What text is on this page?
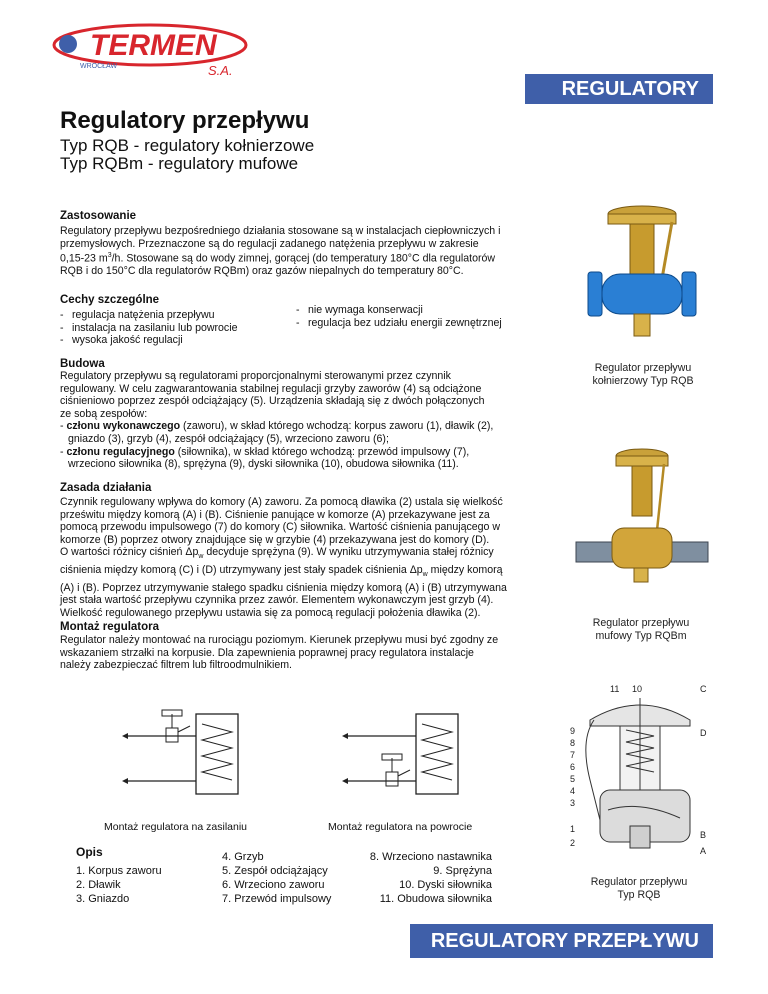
TERMEN
WROCŁAW	S.A.
REGULATORY
Regulatory przepływu
Typ RQB - regulatory kołnierzowe
Typ RQBm - regulatory mufowe
Zastosowanie
Regulatory przepływu bezpośredniego działania stosowane są w instalacjach ciepłowniczych i
przemysłowych. Przeznaczone są do regulacji zadanego natężenia przepływu w zakresie
0,15-23 $m^3/h$. Stosowane są do wody zimnej, gorącej (do temperatury 180°C dla regulatorów
RQB i do 150°C dla regulatorów RQBm) oraz gazów niepalnych do temperatury 80°C.
Cechy szczególne
- regulacja natężenia przepływu
- instalacja na zasilaniu lub powrocie
- wysoka jakość regulacji
- nie wymaga konserwacji
- regulacja bez udziału energii zewnętrznej
Budowa
Regulatory przepływu są regulatorami proporcjonalnymi sterowanymi przez czynnik
regulowany. W celu zagwarantowania stabilnej regulacji grzyby zaworów (4) są odciążone
ciśnieniowo poprzez zespół odciążający (5). Urządzenia składają się z dwóch połączonych
ze sobą zespołów:
- członu wykonawczego (zaworu), w skład którego wchodzą: korpus zaworu (1), dławik (2),
gniazdo (3), grzyb (4), zespół odciążający (5), wrzeciono zaworu (6);
- członu regulacyjnego (siłownika), w skład którego wchodzą: przewód impulsowy (7),
wrzeciono siłownika (8), sprężyna (9), dyski siłownika (10), obudowa siłownika (11).
Zasada działania
Czynnik regulowany wpływa do komory (A) zaworu. Za pomocą dławika (2) ustala się wielkość
prześwitu między komorą (A) i (B). Ciśnienie panujące w komorze (A) przekazywane jest za
pomocą przewodu impulsowego (7) do komory (C) siłownika. Wartość ciśnienia panującego w
komorze (B) poprzez otwory znajdujące się w grzybie (4) przekazywana jest do komory (D).
O wartości różnicy ciśnień $\Delta p_w$ decyduje sprężyna (9). W wyniku utrzymywania stałej różnicy
ciśnienia między komorą (C) i (D) utrzymywany jest stały spadek ciśnienia $\Delta p_w$ między komorą
(A) i (B). Poprzez utrzymywanie stałego spadku ciśnienia między komorą (A) i (B) utrzymywana
jest stała wartość przepływu czynnika przez zawór. Elementem wykonawczym jest grzyb (4).
Wielkość regulowanego przepływu ustawia się za pomocą regulacji położenia dławika (2).
Montaż regulatora
Regulator należy montować na rurociągu poziomym. Kierunek przepływu musi być zgodny ze
wskazaniem strzałki na korpusie. Dla zapewnienia poprawnej pracy regulatora instalacje
należy zabezpieczać filtrem lub filtroodmulnikiem.
Montaż regulatora na zasilaniu	Montaż regulatora na powrocie
Opis
1. Korpus zaworu
2. Dławik
3. Gniazdo
4. Grzyb
5. Zespół odciążający
6. Wrzeciono zaworu
7. Przewód impulsowy
8. Wrzeciono nastawnika
9. Sprężyna
10. Dyski siłownika
11. Obudowa siłownika
Regulator przepływu
kołnierzowy Typ RQB
Regulator przepływu
mufowy Typ RQBm
11 10	C
9
8
7
6
5
4
3
1
2
D
B
A
Regulator przepływu
Typ RQB
REGULATORY PRZEPŁYWU
